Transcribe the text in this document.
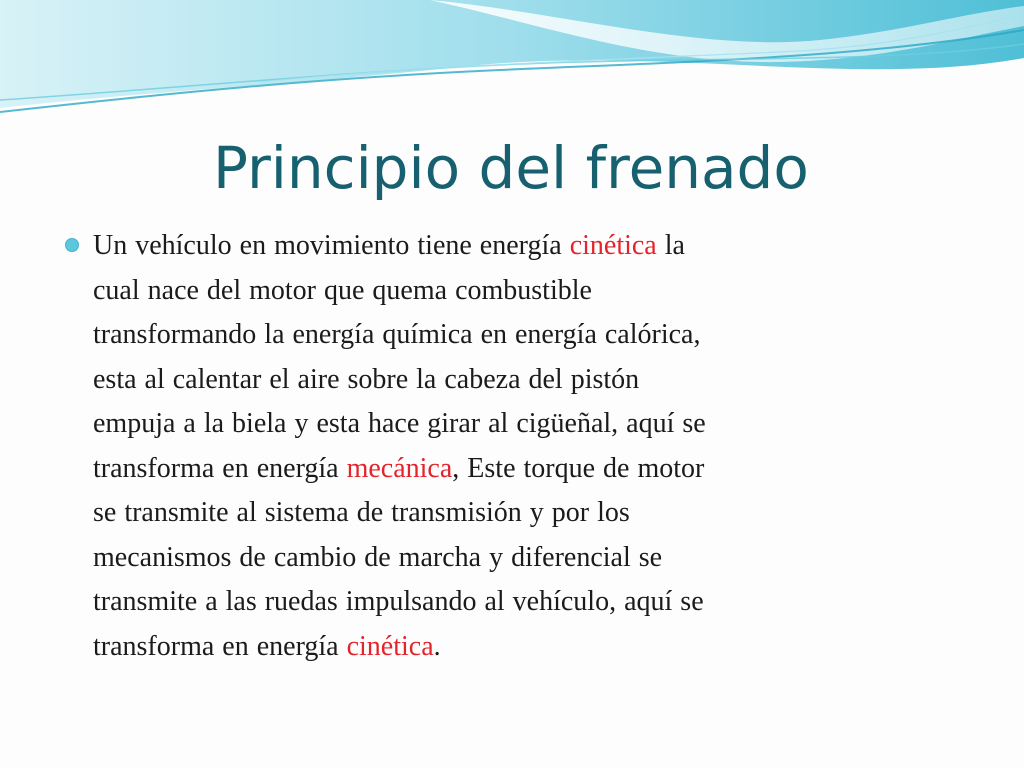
Principio del frenado

Un vehículo en movimiento tiene energía cinética la
cual nace del motor que quema combustible
transformando la energía química en energía calórica,
esta al calentar el aire sobre la cabeza del pistón
empuja a la biela y esta hace girar al cigüeñal, aquí se
transforma en energía mecánica, Este torque de motor
se transmite al sistema de transmisión y por los
mecanismos de cambio de marcha y diferencial se
transmite a las ruedas impulsando al vehículo, aquí se
transforma en energía cinética.
